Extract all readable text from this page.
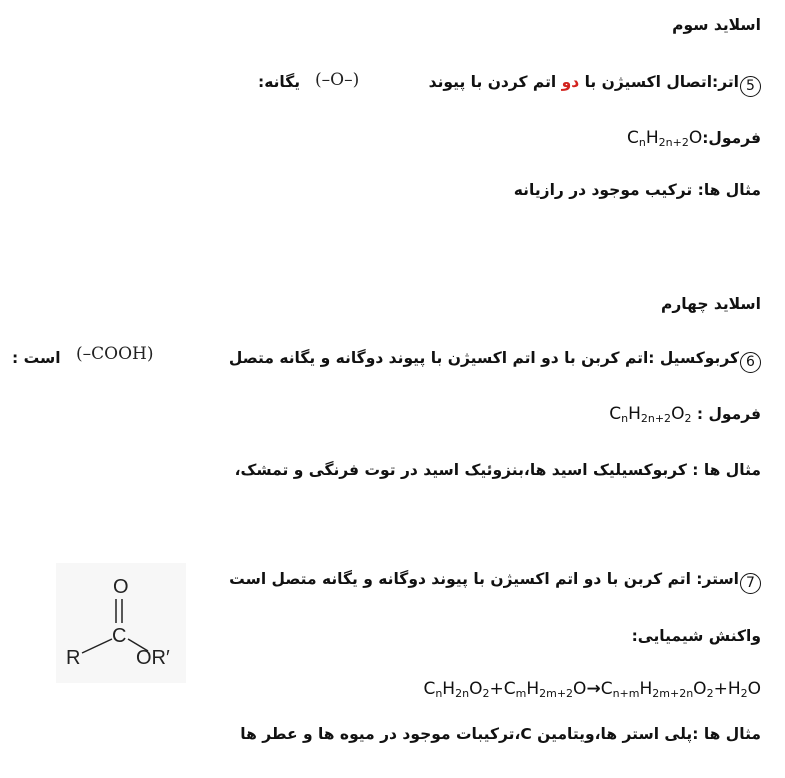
اسلاید سوم
5اتر:اتصال اکسیژن با دو اتم کردن با پیوند
(–O–)
یگانه:
$فرمول:C_nH_{2n+2}O$
مثال ها: ترکیب موجود در رازیانه
اسلاید چهارم
6کربوکسیل :اتم کربن با دو اتم اکسیژن با پیوند دوگانه و یگانه متصل
(–COOH)
است :
فرمول : $C_nH_{2n+2}O_2$
مثال ها : کربوکسیلیک اسید ها،بنزوئیک اسید در توت فرنگی و تمشک،
7استر: اتم کربن با دو اتم اکسیژن با پیوند دوگانه و یگانه متصل است
واکنش شیمیایی:
$C_nH_{2n}O_2+C_mH_{2m+2}O\to C_{n+m}H_{2m+2n}O_2+H_2O$
مثال ها :پلی استر ها،ویتامین C،ترکیبات موجود در میوه ها و عطر ها
O
C
R	OR′
